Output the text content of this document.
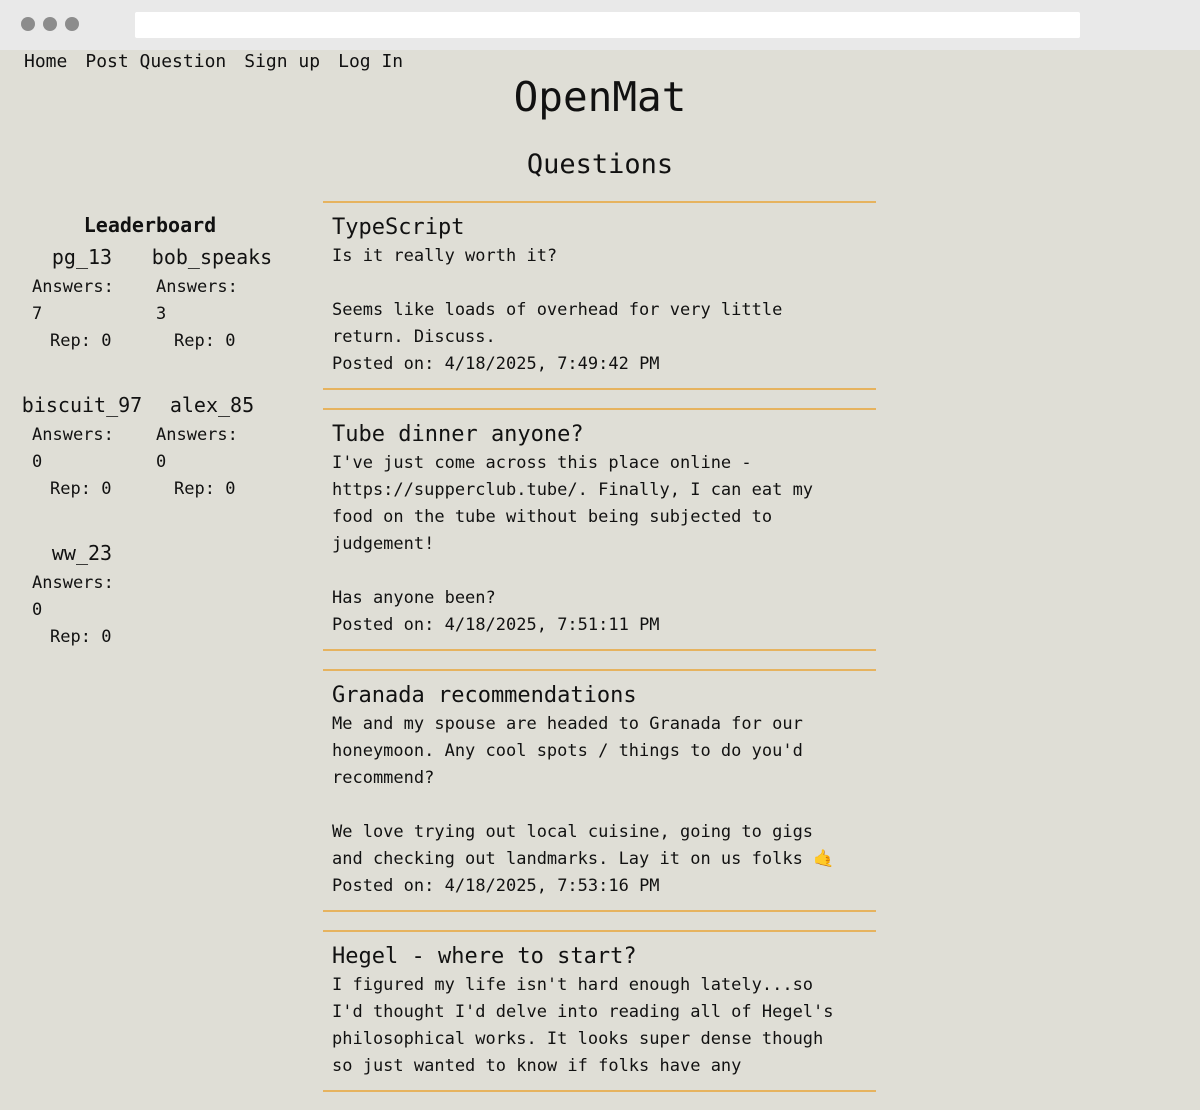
Home Post Question Sign up Log In
OpenMat
Questions
Leaderboard
pg_13
Answers: 7
Rep: 0
bob_speaks
Answers: 3
Rep: 0
biscuit_97
Answers: 0
Rep: 0
alex_85
Answers: 0
Rep: 0
ww_23
Answers: 0
Rep: 0
TypeScript

Is it really worth it?

Seems like loads of overhead for very little
return. Discuss.

Posted on: 4/18/2025, 7:49:42 PM

Tube dinner anyone?

I've just come across this place online -
https://supperclub.tube/. Finally, I can eat my
food on the tube without being subjected to
judgement!

Has anyone been?

Posted on: 4/18/2025, 7:51:11 PM

Granada recommendations

Me and my spouse are headed to Granada for our
honeymoon. Any cool spots / things to do you'd
recommend?

We love trying out local cuisine, going to gigs
and checking out landmarks. Lay it on us folks 🤙

Posted on: 4/18/2025, 7:53:16 PM

Hegel - where to start?

I figured my life isn't hard enough lately...so
I'd thought I'd delve into reading all of Hegel's
philosophical works. It looks super dense though
so just wanted to know if folks have any
